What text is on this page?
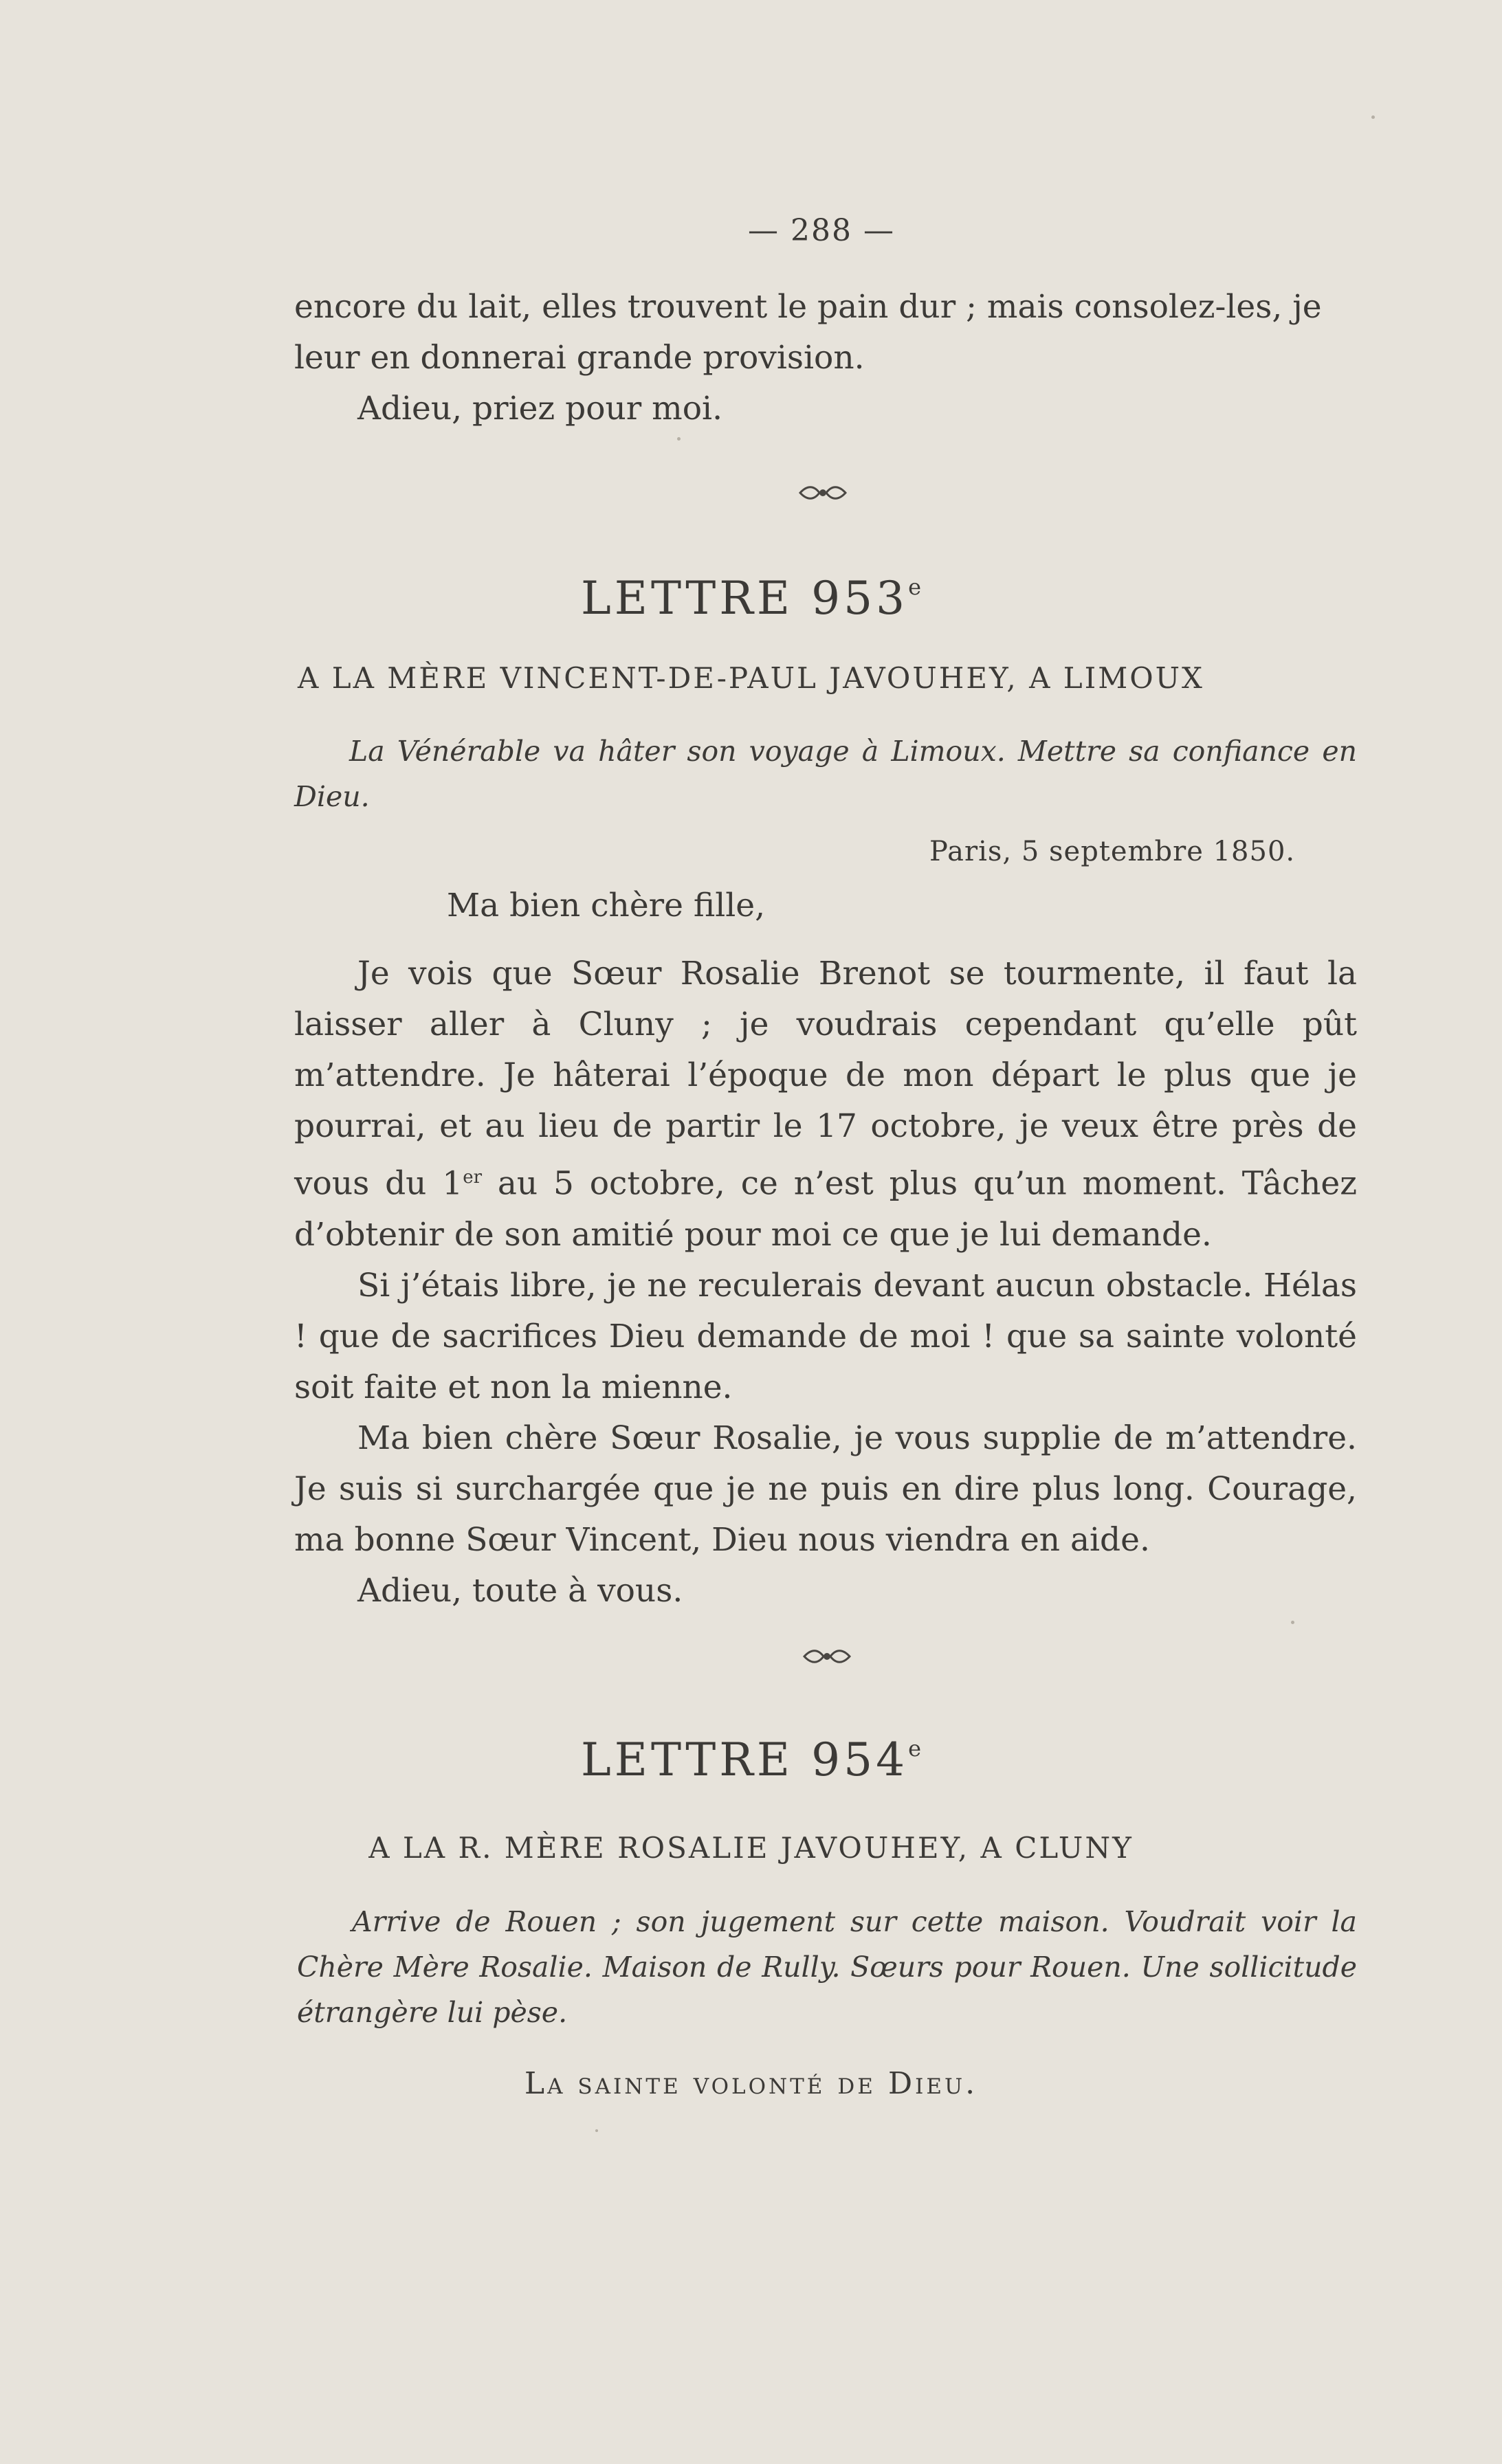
— 288 —

encore du lait, elles trouvent le pain dur ; mais consolez-les, je

leur en donnerai grande provision.

Adieu, priez pour moi.

LETTRE 953e
A LA MÈRE VINCENT-DE-PAUL JAVOUHEY, A LIMOUX

La Vénérable va hâter son voyage à Limoux. Mettre sa confiance en Dieu.

Paris, 5 septembre 1850.
Ma bien chère fille,

Je vois que Sœur Rosalie Brenot se tourmente, il faut la laisser aller à Cluny ; je voudrais cependant qu’elle pût m’attendre. Je hâterai l’époque de mon départ le plus que je pourrai, et au lieu de partir le 17 octobre, je veux être près de vous du 1er au 5 octobre, ce n’est plus qu’un moment. Tâchez d’obtenir de son amitié pour moi ce que je lui demande.

Si j’étais libre, je ne reculerais devant aucun obstacle. Hélas ! que de sacrifices Dieu demande de moi ! que sa sainte volonté soit faite et non la mienne.

Ma bien chère Sœur Rosalie, je vous supplie de m’attendre. Je suis si surchargée que je ne puis en dire plus long. Courage, ma bonne Sœur Vincent, Dieu nous viendra en aide.

Adieu, toute à vous.

LETTRE 954e
A LA R. MÈRE ROSALIE JAVOUHEY, A CLUNY

Arrive de Rouen ; son jugement sur cette maison. Voudrait voir la Chère Mère Rosalie. Maison de Rully. Sœurs pour Rouen. Une sollicitude étrangère lui pèse.

La sainte volonté de Dieu.
